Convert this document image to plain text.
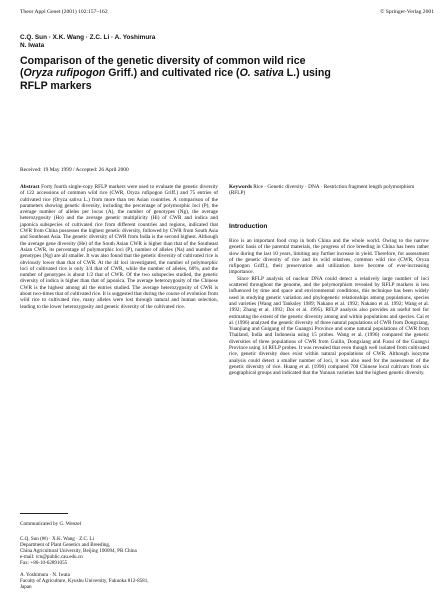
Theor Appl Genet (2001) 102:157–162	© Springer-Verlag 2001
C.Q. Sun · X.K. Wang · Z.C. Li · A. Yoshimura
N. Iwata
Comparison of the genetic diversity of common wild rice (Oryza rufipogon Griff.) and cultivated rice (O. sativa L.) using RFLP markers
Received: 19 May 1999 / Accepted: 26 April 2000
Abstract Forty fourth single-copy RFLP markers were used to evaluate the genetic diversity of 122 accessions of common wild rice (CWR, Oryza rufipogon Griff.) and 75 entries of cultivated rice (Oryza sativa L.) from more than ten Asian countries. A comparison of the parameters showing genetic diversity, including the percentage of polymorphic loci (P), the average number of alleles per locus (A), the number of genotypes (Ng), the average heterozygosity (Ho) and the average genetic multiplicity (Hi) of CWR and indica and japonica subspecies of cultivated rice from different countries and regions, indicated that CWR from China possesses the highest genetic diversity, followed by CWR from South Asia and Southeast Asia. The genetic diversity of CWR from India is the second highest. Although the average gene diversity (He) of the South Asian CWR is higher than that of the Southeast Asian CWR, its percentage of polymorphic loci (P), number of alleles (Na) and number of genotypes (Ng) are all smaller. It was also found that the genetic diversity of cultivated rice is obviously lower than that of CWR. At the 44 loci investigated, the number of polymorphic loci of cultivated rice is only 3/4 that of CWR, while the number of alleles, 60%, and the number of genotypes is about 1/2 that of CWR. Of the two subspecies studied, the genetic diversity of indica is higher than that of japonica. The average heterozygosity of the Chinese CWR is the highest among all the entries studied. The average heterozygosity of CWR is about two-times that of cultivated rice. It is suggested that during the course of evolution from wild rice to cultivated rice, many alleles were lost through natural and human selection, leading to the lower heterozygosity and genetic diversity of the cultivated rice.
Communicated by G. Wenzel
C.Q. Sun (✉) · X.K. Wang · Z.C. Li
Department of Plant Genetics and Breeding,
China Agricultural University, Beijing 100094, PR China
e-mail: rcn@public.cau.edu.cn
Fax: +86-10-62891055
A. Yoshimura · N. Iwata
Faculty of Agriculture, Kyushu University, Fukuoka 812-8581,
Japan
Keywords Rice · Genetic diversity · DNA · Restriction fragment length polymorphism (RFLP)
Introduction

Rice is an important food crop in both China and the whole world. Owing to the narrow genetic basis of the parental materials, the progress of rice breeding in China has been rather slow during the last 10 years, limiting any further increase in yield. Therefore, for assessment of the genetic diversity of rice and its wild relatives, common wild rice (CWR, Oryza rufipogon Griff.), their preservation and utilization have become of ever-increasing importance.

Since RFLP analysis of nuclear DNA could detect a relatively large number of loci scattered throughout the genome, and the polymorphism revealed by RFLP markers is less influenced by time and space and environmental conditions, this technique has been widely used in studying genetic variation and phylogenetic relationships among populations, species and varieties (Wang and Tanksley 1989; Nakano et al. 1992; Nakano et al. 1992; Wang et al. 1992; Zhang et al. 1992; Doi et al. 1995). RFLP analysis also provides an useful tool for estimating the extent of the genetic diversity among and within populations and species. Cai et al. (1996) analyzed the genetic diversity of three natural populations of CWR from Dongxiang, Yuanjiang and Guigang of the Guangxi Province and some natural populations of CWR from Thailand, India and Indonesia using 15 probes. Wang et al. (1996) compared the genetic diversities of three populations of CWR from Guilin, Dongxiang and Fusui of the Guangxi Province using 14 RFLP probes. It was revealed that even though well isolated from cultivated rice, genetic diversity does exist within natural populations of CWR. Although isozyme analysis could detect a smaller number of loci, it was also used for the assessment of the genetic diversity of rice. Huang et al. (1996) compared 700 Chinese local cultivars from six geographical groups and indicated that the Yunnan varieties had the highest genetic diversity.
